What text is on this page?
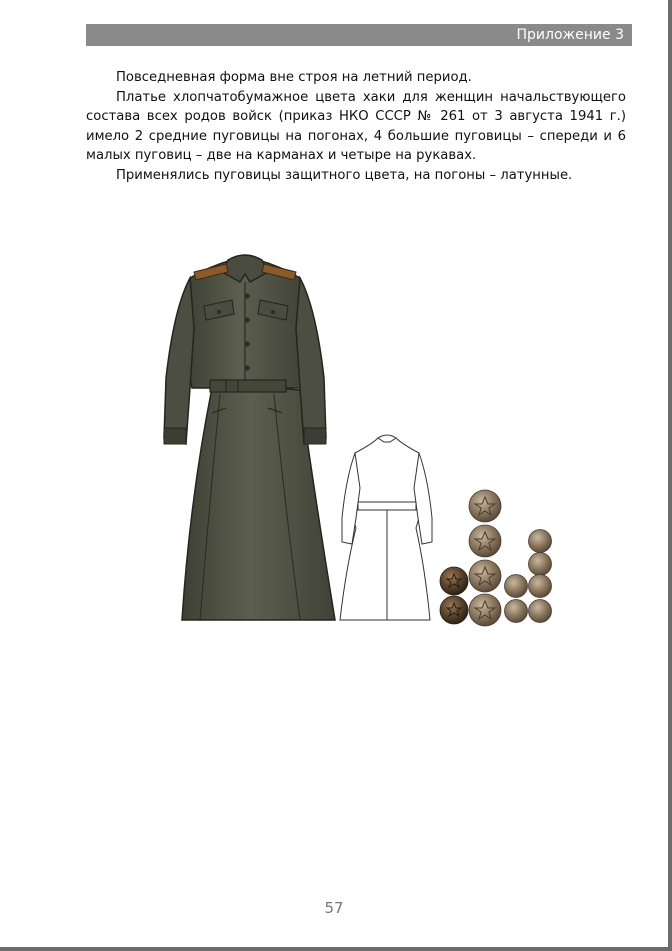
Приложение 3

Повседневная форма вне строя на летний период.

Платье хлопчатобумажное цвета хаки для женщин начальствующего состава всех родов войск (приказ НКО СССР № 261 от 3 августа 1941 г.) имело 2 средние пуговицы на погонах, 4 большие пуговицы – спереди и 6 малых пуговиц – две на карманах и четыре на рукавах.

Применялись пуговицы защитного цвета, на погоны – латунные.

57
